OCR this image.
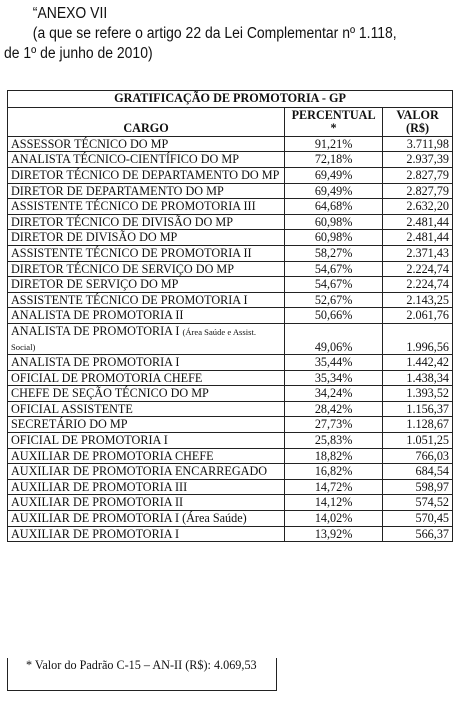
“ANEXO VII
(a que se refere o artigo 22 da Lei Complementar nº 1.118,
de 1º de junho de 2010)
GRATIFICAÇÃO DE PROMOTORIA - GP		
CARGO	PERCENTUAL *	VALOR (R$)
ASSESSOR TÉCNICO DO MP	91,21%	3.711,98
ANALISTA TÉCNICO-CIENTÍFICO DO MP	72,18%	2.937,39
DIRETOR TÉCNICO DE DEPARTAMENTO DO MP	69,49%	2.827,79
DIRETOR DE DEPARTAMENTO DO MP	69,49%	2.827,79
ASSISTENTE TÉCNICO DE PROMOTORIA III	64,68%	2.632,20
DIRETOR TÉCNICO DE DIVISÃO DO MP	60,98%	2.481,44
DIRETOR DE DIVISÃO DO MP	60,98%	2.481,44
ASSISTENTE TÉCNICO DE PROMOTORIA II	58,27%	2.371,43
DIRETOR TÉCNICO DE SERVIÇO DO MP	54,67%	2.224,74
DIRETOR DE SERVIÇO DO MP	54,67%	2.224,74
ASSISTENTE TÉCNICO DE PROMOTORIA I	52,67%	2.143,25
ANALISTA DE PROMOTORIA II	50,66%	2.061,76
ANALISTA DE PROMOTORIA I (Área Saúde e Assist. Social)	49,06%	1.996,56
ANALISTA DE PROMOTORIA I	35,44%	1.442,42
OFICIAL DE PROMOTORIA CHEFE	35,34%	1.438,34
CHEFE DE SEÇÃO TÉCNICO DO MP	34,24%	1.393,52
OFICIAL ASSISTENTE	28,42%	1.156,37
SECRETÁRIO DO MP	27,73%	1.128,67
OFICIAL DE PROMOTORIA I	25,83%	1.051,25
AUXILIAR DE PROMOTORIA CHEFE	18,82%	766,03
AUXILIAR DE PROMOTORIA ENCARREGADO	16,82%	684,54
AUXILIAR DE PROMOTORIA III	14,72%	598,97
AUXILIAR DE PROMOTORIA II	14,12%	574,52
AUXILIAR DE PROMOTORIA I (Área Saúde)	14,02%	570,45
AUXILIAR DE PROMOTORIA I	13,92%	566,37
* Valor do Padrão C-15 – AN-II (R$): 4.069,53
